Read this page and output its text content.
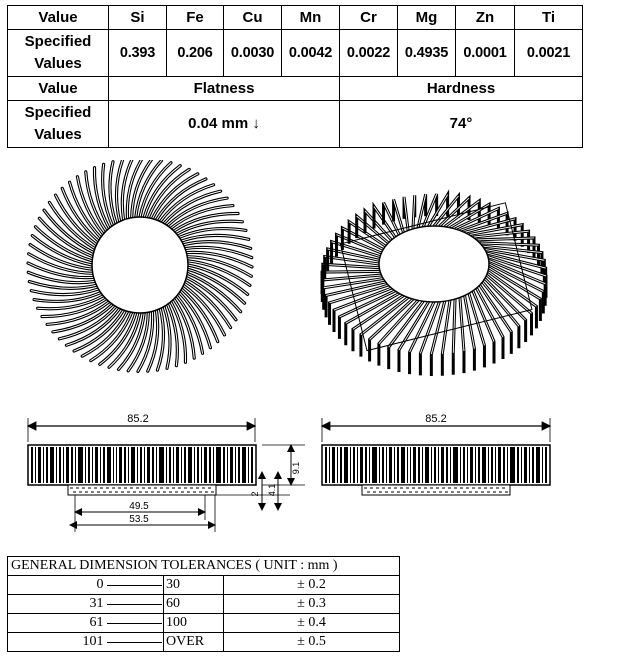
Value	Si	Fe	Cu	Mn	Cr	Mg	Zn	Ti
Specified
Values	0.393	0.206	0.0030	0.0042	0.0022	0.4935	0.0001	0.0021
Value	Flatness				Hardness			
Specified
Values	0.04 mm ↓				74°			
85.2
9.1
2 4.1
49.5
53.5
85.2
GENERAL DIMENSION TOLERANCES ( UNIT : mm )			
0		30	± 0.2
31		60	± 0.3
61		100	± 0.4
101		OVER	± 0.5
